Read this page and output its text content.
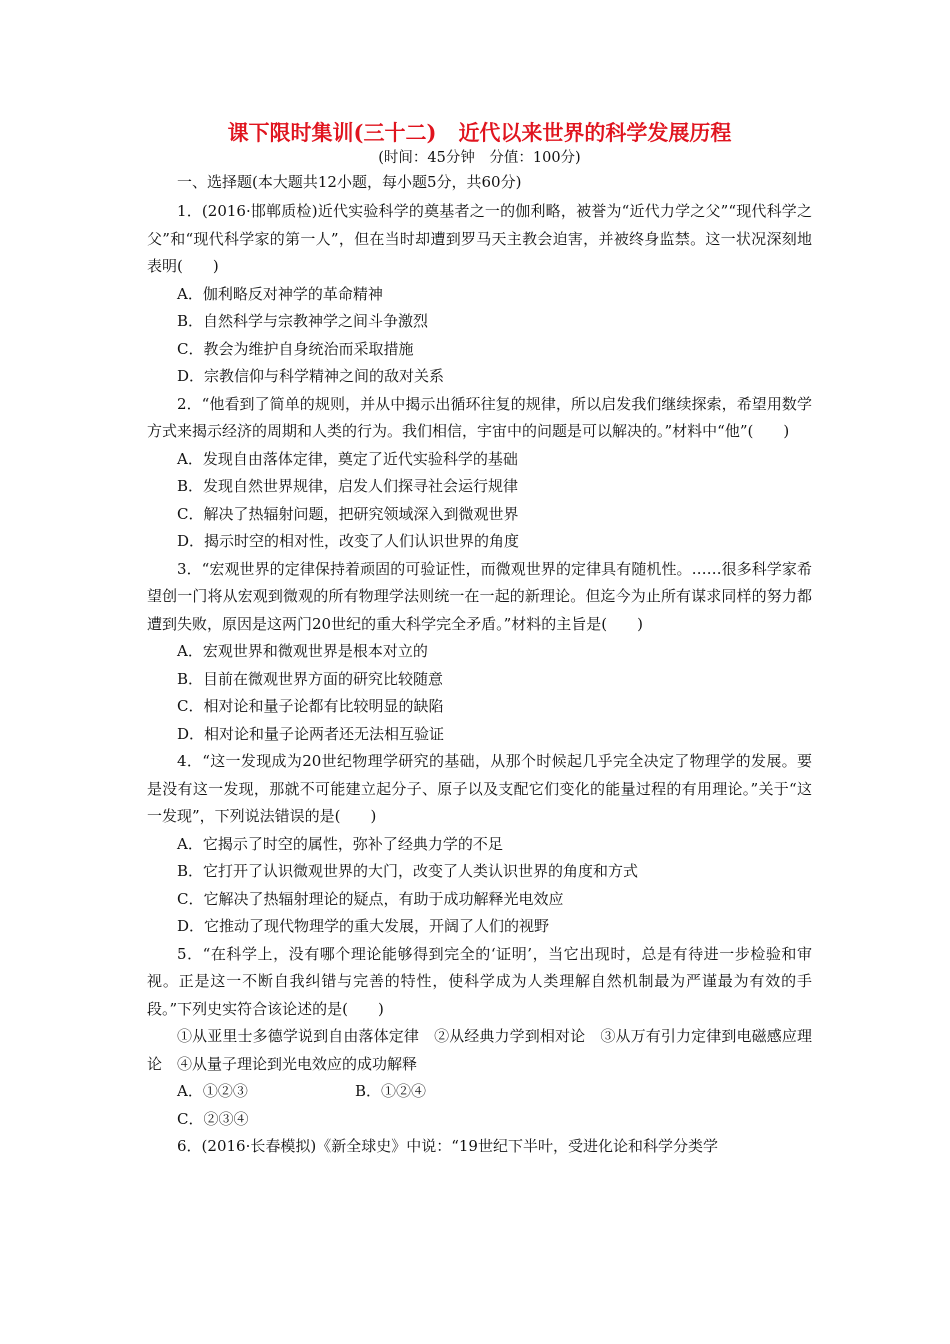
课下限时集训(三十二) 近代以来世界的科学发展历程

(时间：45分钟　分值：100分)

一、选择题(本大题共12小题，每小题5分，共60分)

1．(2016·邯郸质检)近代实验科学的奠基者之一的伽利略，被誉为“近代力学之父”“现代科学之父”和“现代科学家的第一人”，但在当时却遭到罗马天主教会迫害，并被终身监禁。这一状况深刻地表明(　　)

A．伽利略反对神学的革命精神

B．自然科学与宗教神学之间斗争激烈

C．教会为维护自身统治而采取措施

D．宗教信仰与科学精神之间的敌对关系

2．“他看到了简单的规则，并从中揭示出循环往复的规律，所以启发我们继续探索，希望用数学方式来揭示经济的周期和人类的行为。我们相信，宇宙中的问题是可以解决的。”材料中“他”(　　)

A．发现自由落体定律，奠定了近代实验科学的基础

B．发现自然世界规律，启发人们探寻社会运行规律

C．解决了热辐射问题，把研究领域深入到微观世界

D．揭示时空的相对性，改变了人们认识世界的角度

3．“宏观世界的定律保持着顽固的可验证性，而微观世界的定律具有随机性。……很多科学家希望创一门将从宏观到微观的所有物理学法则统一在一起的新理论。但迄今为止所有谋求同样的努力都遭到失败，原因是这两门20世纪的重大科学完全矛盾。”材料的主旨是(　　)

A．宏观世界和微观世界是根本对立的

B．目前在微观世界方面的研究比较随意

C．相对论和量子论都有比较明显的缺陷

D．相对论和量子论两者还无法相互验证

4．“这一发现成为20世纪物理学研究的基础，从那个时候起几乎完全决定了物理学的发展。要是没有这一发现，那就不可能建立起分子、原子以及支配它们变化的能量过程的有用理论。”关于“这一发现”，下列说法错误的是(　　)

A．它揭示了时空的属性，弥补了经典力学的不足

B．它打开了认识微观世界的大门，改变了人类认识世界的角度和方式

C．它解决了热辐射理论的疑点，有助于成功解释光电效应

D．它推动了现代物理学的重大发展，开阔了人们的视野

5．“在科学上，没有哪个理论能够得到完全的‘证明’，当它出现时，总是有待进一步检验和审视。正是这一不断自我纠错与完善的特性，使科学成为人类理解自然机制最为严谨最为有效的手段。”下列史实符合该论述的是(　　)

①从亚里士多德学说到自由落体定律　②从经典力学到相对论　③从万有引力定律到电磁感应理论　④从量子理论到光电效应的成功解释

A．①②③	B．①②④

C．②③④

6．(2016·长春模拟)《新全球史》中说：“19世纪下半叶，受进化论和科学分类学
